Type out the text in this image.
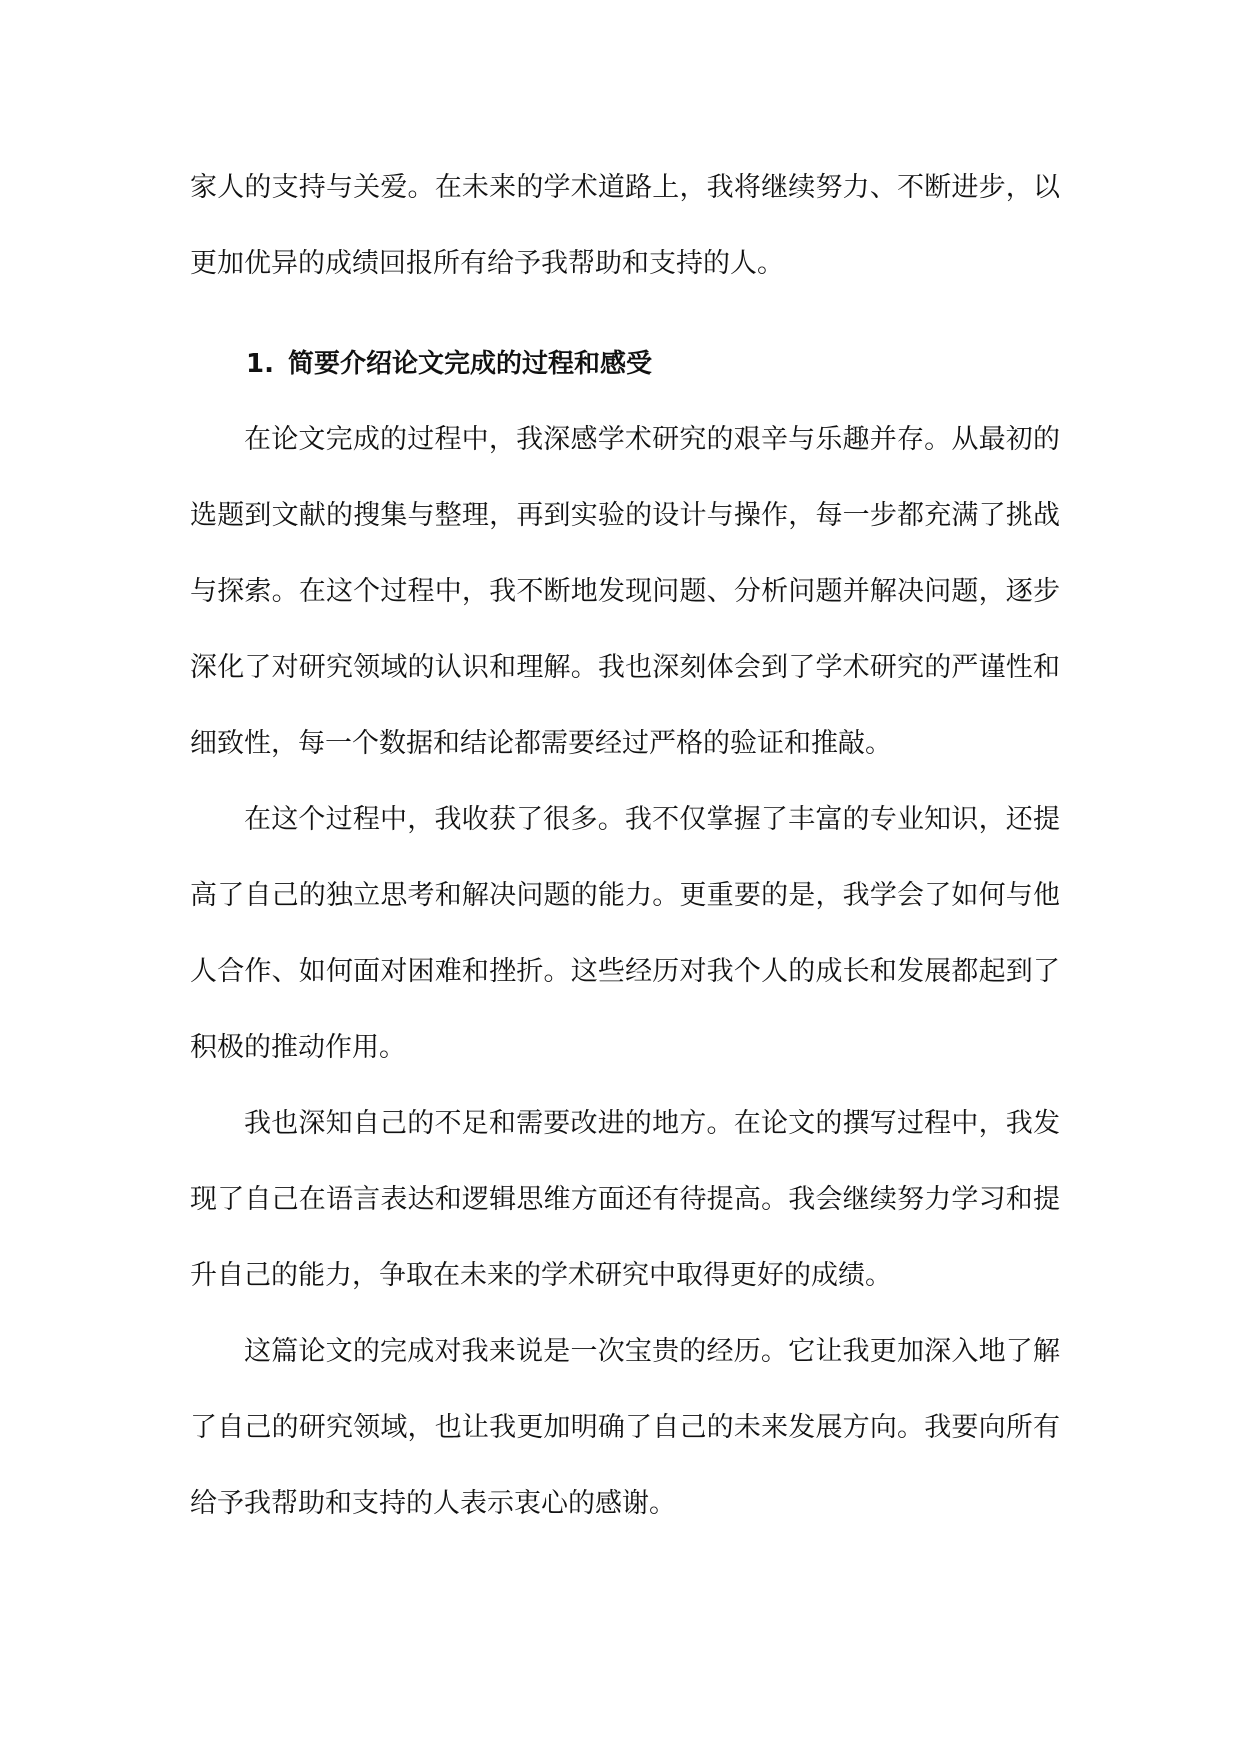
家人的支持与关爱。在未来的学术道路上，我将继续努力、不断进步，以更加优异的成绩回报所有给予我帮助和支持的人。

1. 简要介绍论文完成的过程和感受

在论文完成的过程中，我深感学术研究的艰辛与乐趣并存。从最初的选题到文献的搜集与整理，再到实验的设计与操作，每一步都充满了挑战与探索。在这个过程中，我不断地发现问题、分析问题并解决问题，逐步深化了对研究领域的认识和理解。我也深刻体会到了学术研究的严谨性和细致性，每一个数据和结论都需要经过严格的验证和推敲。

在这个过程中，我收获了很多。我不仅掌握了丰富的专业知识，还提高了自己的独立思考和解决问题的能力。更重要的是，我学会了如何与他人合作、如何面对困难和挫折。这些经历对我个人的成长和发展都起到了积极的推动作用。

我也深知自己的不足和需要改进的地方。在论文的撰写过程中，我发现了自己在语言表达和逻辑思维方面还有待提高。我会继续努力学习和提升自己的能力，争取在未来的学术研究中取得更好的成绩。

这篇论文的完成对我来说是一次宝贵的经历。它让我更加深入地了解了自己的研究领域，也让我更加明确了自己的未来发展方向。我要向所有给予我帮助和支持的人表示衷心的感谢。
